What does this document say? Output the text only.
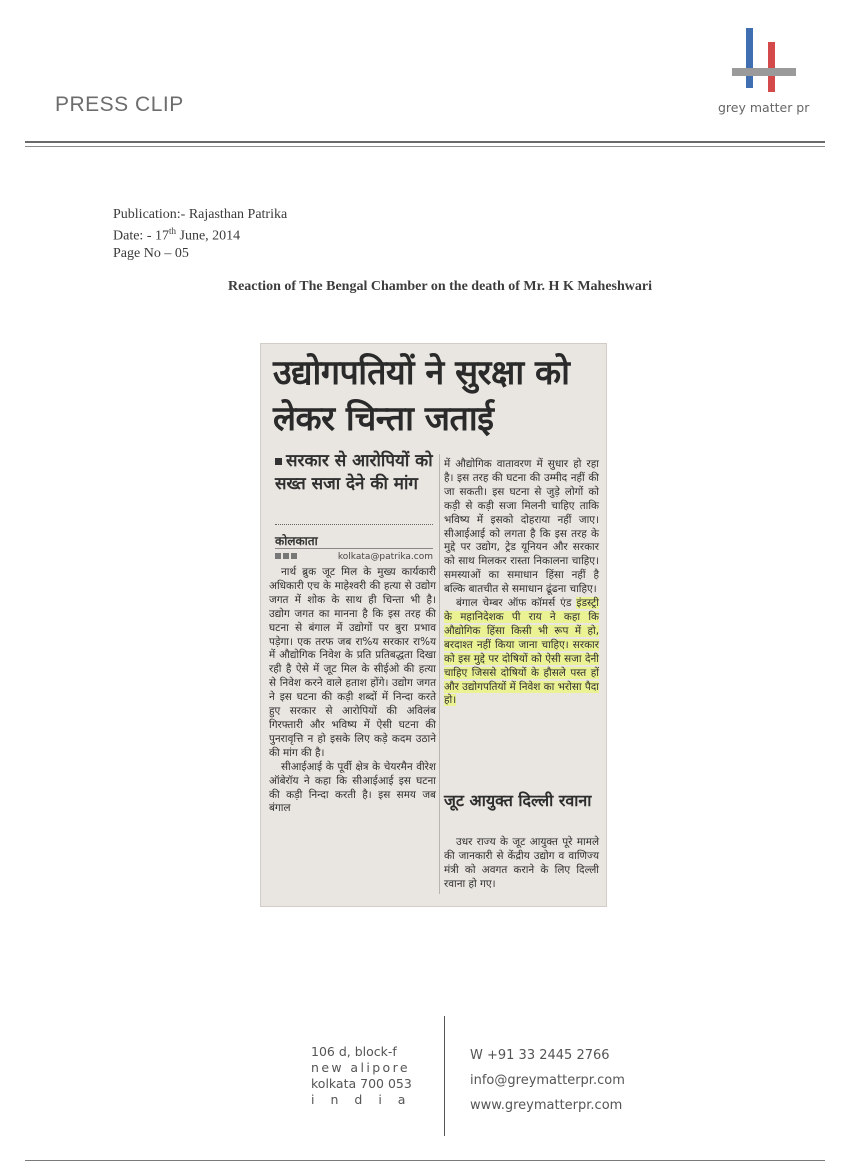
PRESS CLIP	grey matter pr
Publication:- Rajasthan Patrika
Date: - 17th June, 2014
Page No – 05
Reaction of The Bengal Chamber on the death of Mr. H K Maheshwari
उद्योगपतियों ने सुरक्षा को लेकर चिन्ता जताई
सरकार से आरोपियों को सख्त सजा देने की मांग
कोलकाता
kolkata@patrika.com

नार्थ ब्रुक जूट मिल के मुख्य कार्यकारी अधिकारी एच के माहेश्वरी की हत्या से उद्योग जगत में शोक के साथ ही चिन्ता भी है। उद्योग जगत का मानना है कि इस तरह की घटना से बंगाल में उद्योगों पर बुरा प्रभाव पड़ेगा। एक तरफ जब रा%य सरकार रा%य में औद्योगिक निवेश के प्रति प्रतिबद्धता दिखा रही है ऐसे में जूट मिल के सीईओ की हत्या से निवेश करने वाले हताश होंगे। उद्योग जगत ने इस घटना की कड़ी शब्दों में निन्दा करते हुए सरकार से आरोपियों की अविलंब गिरफ्तारी और भविष्य में ऐसी घटना की पुनरावृत्ति न हो इसके लिए कड़े कदम उठाने की मांग की है।

सीआईआई के पूर्वी क्षेत्र के चेयरमैन वीरेश ऑबेरॉय ने कहा कि सीआईआई इस घटना की कड़ी निन्दा करती है। इस समय जब बंगाल

में औद्योगिक वातावरण में सुधार हो रहा है। इस तरह की घटना की उम्मीद नहीं की जा सकती। इस घटना से जुड़े लोगों को कड़ी से कड़ी सजा मिलनी चाहिए ताकि भविष्य में इसको दोहराया नहीं जाए। सीआईआई को लगता है कि इस तरह के मुद्दे पर उद्योग, ट्रेड यूनियन और सरकार को साथ मिलकर रास्ता निकालना चाहिए। समस्याओं का समाधान हिंसा नहीं है बल्कि बातचीत से समाधान ढूंढना चाहिए।

बंगाल चेम्बर ऑफ कॉमर्स एंड इंडस्ट्री के महानिदेशक पी राय ने कहा कि औद्योगिक हिंसा किसी भी रूप में हो, बरदाश्त नहीं किया जाना चाहिए। सरकार को इस मुद्दे पर दोषियों को ऐसी सजा देनी चाहिए जिससे दोषियों के हौसले पस्त हों और उद्योगपतियों में निवेश का भरोसा पैदा हो।

जूट आयुक्त दिल्ली रवाना

उधर राज्य के जूट आयुक्त पूरे मामले की जानकारी से केंद्रीय उद्योग व वाणिज्य मंत्री को अवगत कराने के लिए दिल्ली रवाना हो गए।

106 d, block-f
new alipore
kolkata 700 053
india
W +91 33 2445 2766
info@greymatterpr.com
www.greymatterpr.com
